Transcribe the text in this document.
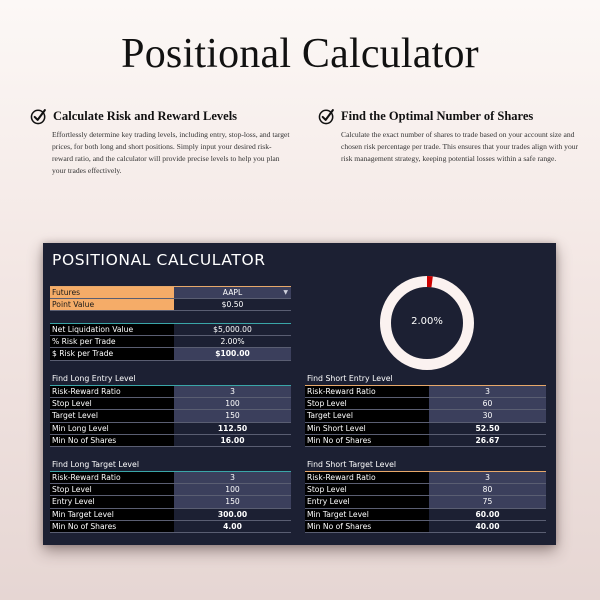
Positional Calculator
Calculate Risk and Reward Levels

Effortlessly determine key trading levels, including entry, stop-loss, and target prices, for both long and short positions. Simply input your desired risk-reward ratio, and the calculator will provide precise levels to help you plan your trades effectively.

Find the Optimal Number of Shares

Calculate the exact number of shares to trade based on your account size and chosen risk percentage per trade. This ensures that your trades align with your risk management strategy, keeping potential losses within a safe range.

POSITIONAL CALCULATOR
Futures	AAPL	▼
Point Value	$0.50
Net Liquidation Value	$5,000.00
% Risk per Trade	2.00%
$ Risk per Trade	$100.00
2.00%
Find Long Entry Level
Risk-Reward Ratio	3
Stop Level	100
Target Level	150
Min Long Level	112.50
Min No of Shares	16.00
Find Short Entry Level
Risk-Reward Ratio	3
Stop Level	60
Target Level	30
Min Short Level	52.50
Min No of Shares	26.67
Find Long Target Level
Risk-Reward Ratio	3
Stop Level	100
Entry Level	150
Min Target Level	300.00
Min No of Shares	4.00
Find Short Target Level
Risk-Reward Ratio	3
Stop Level	80
Entry Level	75
Min Target Level	60.00
Min No of Shares	40.00
